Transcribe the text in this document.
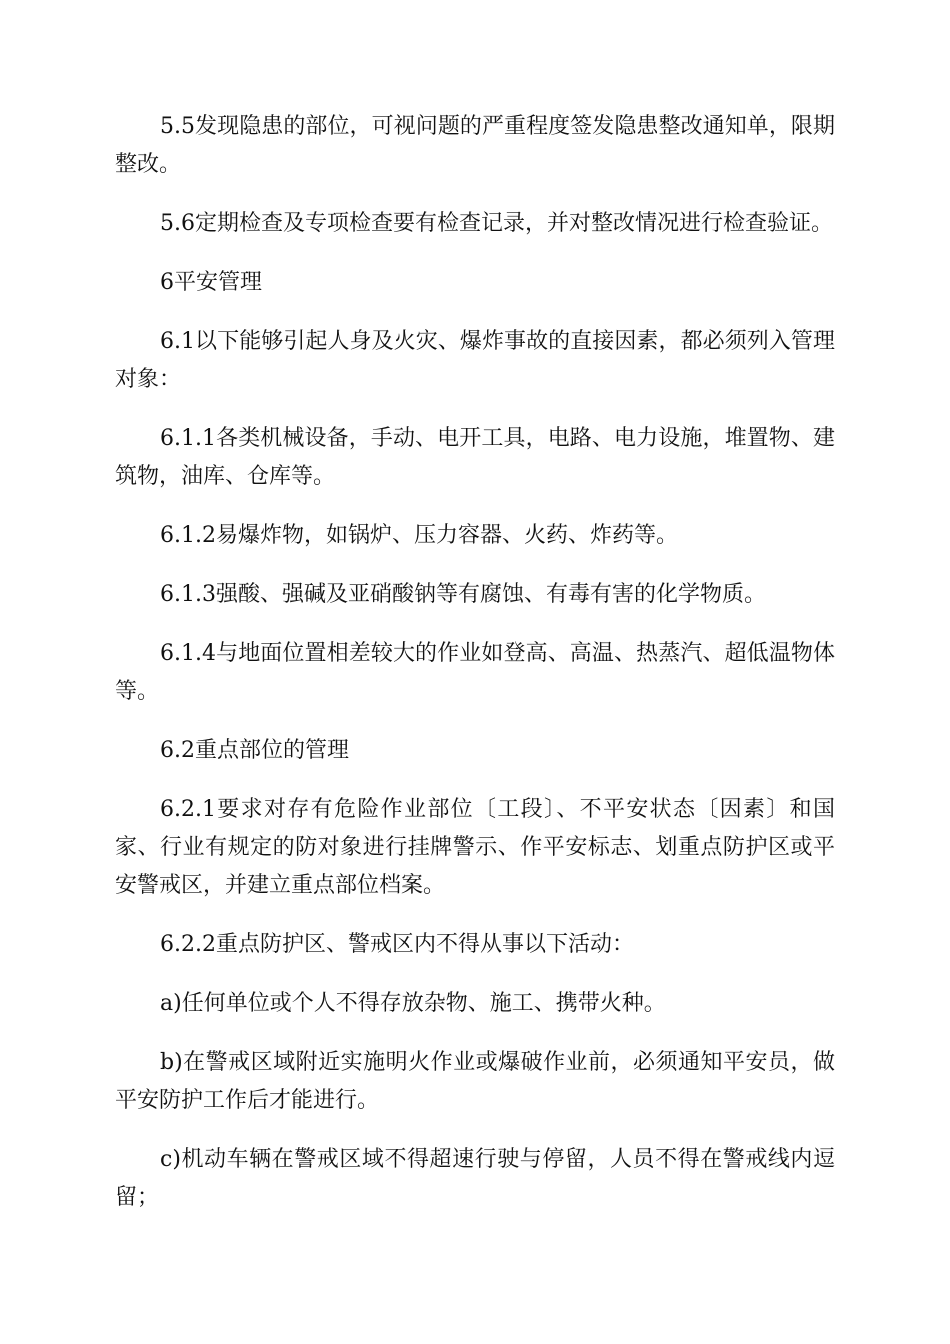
5.5发现隐患的部位，可视问题的严重程度签发隐患整改通知单，限期整改。

5.6定期检查及专项检查要有检查记录，并对整改情况进行检查验证。

6平安管理

6.1以下能够引起人身及火灾、爆炸事故的直接因素，都必须列入管理对象：

6.1.1各类机械设备，手动、电开工具，电路、电力设施，堆置物、建筑物，油库、仓库等。

6.1.2易爆炸物，如锅炉、压力容器、火药、炸药等。

6.1.3强酸、强碱及亚硝酸钠等有腐蚀、有毒有害的化学物质。

6.1.4与地面位置相差较大的作业如登高、高温、热蒸汽、超低温物体等。

6.2重点部位的管理

6.2.1要求对存有危险作业部位〔工段〕、不平安状态〔因素〕和国家、行业有规定的防对象进行挂牌警示、作平安标志、划重点防护区或平安警戒区，并建立重点部位档案。

6.2.2重点防护区、警戒区内不得从事以下活动：

a)任何单位或个人不得存放杂物、施工、携带火种。

b)在警戒区域附近实施明火作业或爆破作业前，必须通知平安员，做平安防护工作后才能进行。

c)机动车辆在警戒区域不得超速行驶与停留，人员不得在警戒线内逗留；
